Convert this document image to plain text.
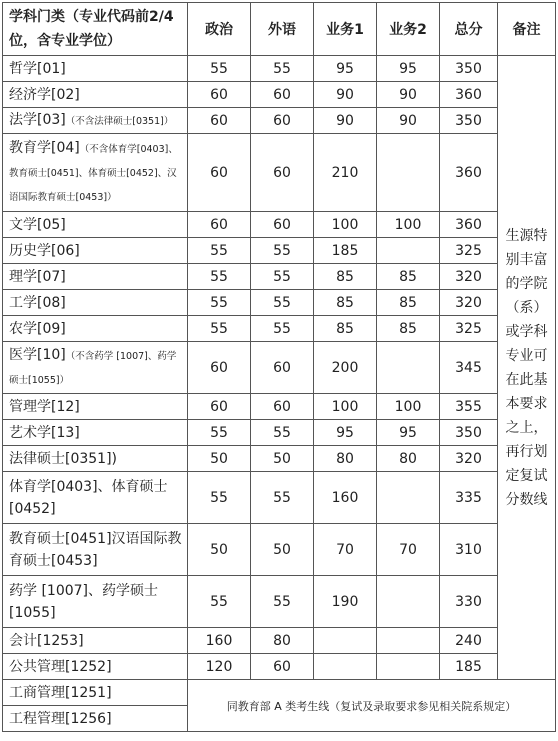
学科门类（专业代码前2/4位，含专业学位）	政治	外语	业务1	业务2	总分	备注
哲学[01]	55	55	95	95	350	生源特别丰富的学院（系）或学科专业可在此基本要求之上，再行划定复试分数线
经济学[02]	60	60	90	90	360	
法学[03]（不含法律硕士[0351]）	60	60	90	90	350	
教育学[04]（不含体育学[0403]、教育硕士[0451]、体育硕士[0452]、汉语国际教育硕士[0453]）	60	60	210		360	
文学[05]	60	60	100	100	360	
历史学[06]	55	55	185		325	
理学[07]	55	55	85	85	320	
工学[08]	55	55	85	85	320	
农学[09]	55	55	85	85	325	
医学[10]（不含药学 [1007]、药学硕士[1055]）	60	60	200		345	
管理学[12]	60	60	100	100	355	
艺术学[13]	55	55	95	95	350	
法律硕士[0351])	50	50	80	80	320	
体育学[0403]、体育硕士[0452]	55	55	160		335	
教育硕士[0451]汉语国际教育硕士[0453]	50	50	70	70	310	
药学 [1007]、药学硕士[1055]	55	55	190		330	
会计[1253]	160	80			240	
公共管理[1252]	120	60			185	
工商管理[1251]	同教育部 A 类考生线（复试及录取要求参见相关院系规定）					
工程管理[1256]						
